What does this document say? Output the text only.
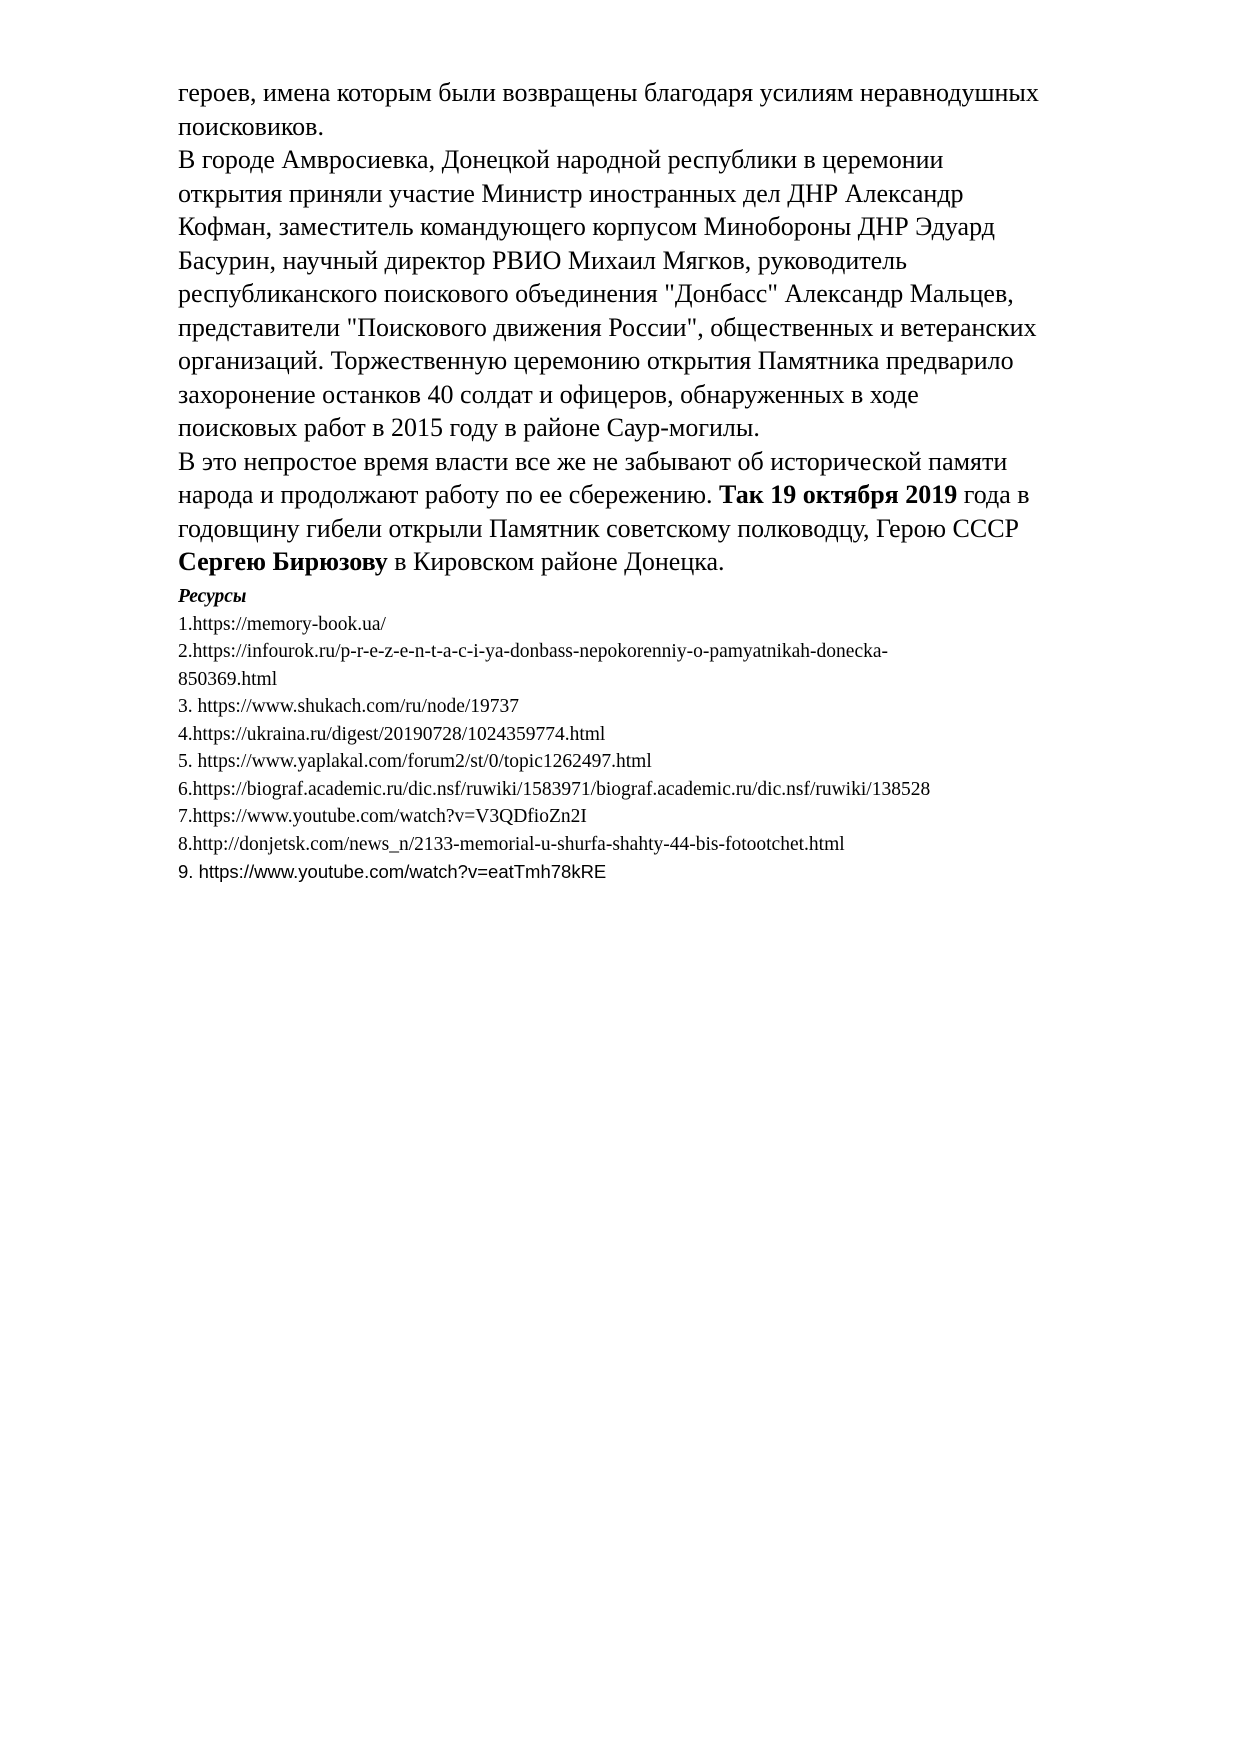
героев, имена которым были возвращены благодаря усилиям неравнодушных
поисковиков.

В городе Амвросиевка, Донецкой народной республики в церемонии
открытия приняли участие Министр иностранных дел ДНР Александр
Кофман, заместитель командующего корпусом Минобороны ДНР Эдуард
Басурин, научный директор РВИО Михаил Мягков, руководитель
республиканского поискового объединения "Донбасс" Александр Мальцев,
представители "Поискового движения России", общественных и ветеранских
организаций. Торжественную церемонию открытия Памятника предварило
захоронение останков 40 солдат и офицеров, обнаруженных в ходе
поисковых работ в 2015 году в районе Саур-могилы.

В это непростое время власти все же не забывают об исторической памяти
народа и продолжают работу по ее сбережению. Так 19 октября 2019 года в
годовщину гибели открыли Памятник советскому полководцу, Герою СССР
Сергею Бирюзову в Кировском районе Донецка.

Ресурсы
1.https://memory-book.ua/
2.https://infourok.ru/p-r-e-z-e-n-t-a-c-i-ya-donbass-nepokorenniy-o-pamyatnikah-donecka-
850369.html
3. https://www.shukach.com/ru/node/19737
4.https://ukraina.ru/digest/20190728/1024359774.html
5. https://www.yaplakal.com/forum2/st/0/topic1262497.html
6.https://biograf.academic.ru/dic.nsf/ruwiki/1583971/biograf.academic.ru/dic.nsf/ruwiki/138528
7.https://www.youtube.com/watch?v=V3QDfioZn2I
8.http://donjetsk.com/news_n/2133-memorial-u-shurfa-shahty-44-bis-fotootchet.html
9. https://www.youtube.com/watch?v=eatTmh78kRE
